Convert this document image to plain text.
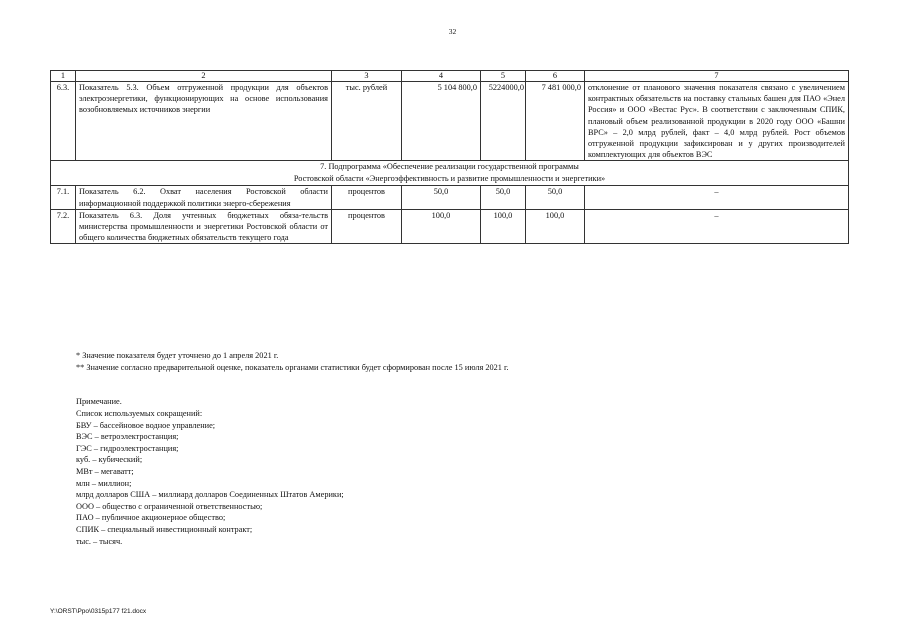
32
1	2	3	4	5	6	7
6.3.	Показатель 5.3. Объем отгруженной продукции для объектов электроэнергетики, функционирующих на основе использования возобновляемых источников энергии	тыс. рублей	5 104 800,0	5224000,0	7 481 000,0	отклонение от планового значения показателя связано с увеличением контрактных обязательств на поставку стальных башен для ПАО «Энел Россия» и ООО «Вестас Рус». В соответствии с заключенным СПИК, плановый объем реализованной продукции в 2020 году ООО «Башни ВРС» – 2,0 млрд рублей, факт – 4,0 млрд рублей. Рост объемов отгруженной продукции зафиксирован и у других производителей комплектующих для объектов ВЭС

7. Подпрограмма «Обеспечение реализации государственной программы
Ростовской области «Энергоэффективность и развитие промышленности и энергетики»						

7.1.	Показатель 6.2. Охват населения Ростовской области информационной поддержкой политики энерго-сбережения	процентов	50,0	50,0	50,0	–
7.2.	Показатель 6.3. Доля учтенных бюджетных обяза-тельств министерства промышленности и энергетики Ростовской области от общего количества бюджетных обязательств текущего года	процентов	100,0	100,0	100,0	–
* Значение показателя будет уточнено до 1 апреля 2021 г.
** Значение согласно предварительной оценке, показатель органами статистики будет сформирован после 15 июля 2021 г.
Примечание.
Список используемых сокращений:
БВУ – бассейновое водное управление;
ВЭС – ветроэлектростанция;
ГЭС – гидроэлектростанция;
куб. – кубический;
МВт – мегаватт;
млн – миллион;
млрд долларов США – миллиард долларов Соединенных Штатов Америки;
ООО – общество с ограниченной ответственностью;
ПАО – публичное акционерное общество;
СПИК – специальный инвестиционный контракт;
тыс. – тысяч.
Y:\ORST\Ppo\0315p177 f21.docx
